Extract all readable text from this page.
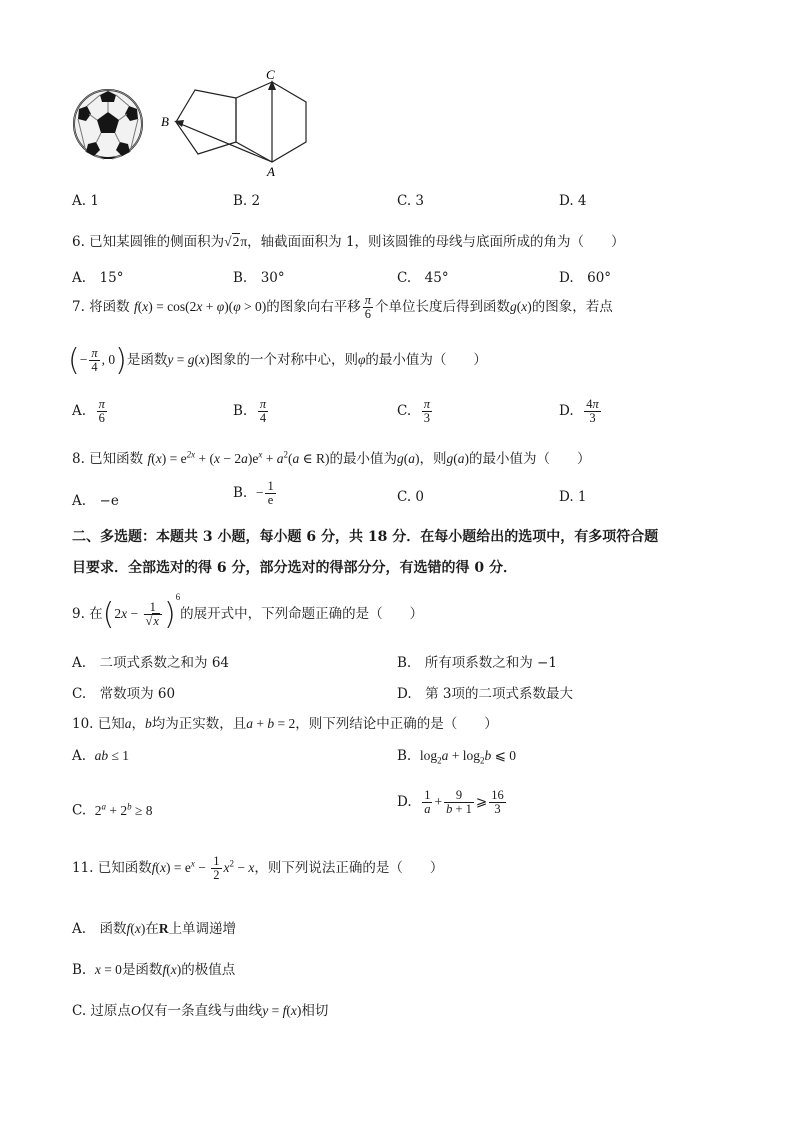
C
B
A
A. 1	B. 2	C. 3	D. 4
6. 已知某圆锥的侧面积为√2π，轴截面面积为 1，则该圆锥的母线与底面所成的角为（　　）
A.　15°	B.　30°	C.　45°	D.　60°
7. 将函数 f(x) = cos(2x + φ)(φ > 0)的图象向右平移 $\frac{\pi}{6}$ 个单位长度后得到函数g(x)的图象，若点
(− $\frac{\pi}{4}$ , 0)是函数y = g(x)图象的一个对称中心，则φ的最小值为（　　）
A. $\frac{\pi}{6}$	B. $\frac{\pi}{4}$	C. $\frac{\pi}{3}$	D. $\frac{4\pi}{3}$
8. 已知函数 $f(x) = e^{2x} + (x - 2a)e^x + a^2(a$ ∈ R)的最小值为g(a)，则g(a)的最小值为（　　）
A.　−e	B. − $\frac{1}{e}$	C. 0	D. 1
二、多选题：本题共 3 小题，每小题 6 分，共 18 分．在每小题给出的选项中，有多项符合题
目要求．全部选对的得 6 分，部分选对的得部分分，有选错的得 0 分．
9. 在$(2x - \frac{1}{√x} )^6$的展开式中，下列命题正确的是（　　）
A.　二项式系数之和为 64	B.　所有项系数之和为 −1
C.　常数项为 60	D.　第 3项的二项式系数最大
10. 已知a，b均为正实数，且a + b = 2，则下列结论中正确的是（　　）
A. ab ≤ 1	B. $\log_2a + \log_2b$ ⩽ 0
C. $2^a + 2^b \ge 8$	D. $\frac{1}{a} + \frac{9}{b + 1}$ ⩾ $\frac{16}{3}$
11. 已知函数$f(x) = e^x - \frac{1}{2} x^2 - x$，则下列说法正确的是（　　）
A.　函数f(x)在R上单调递增
B. x = 0是函数f(x)的极值点
C. 过原点O仅有一条直线与曲线y = f(x)相切
